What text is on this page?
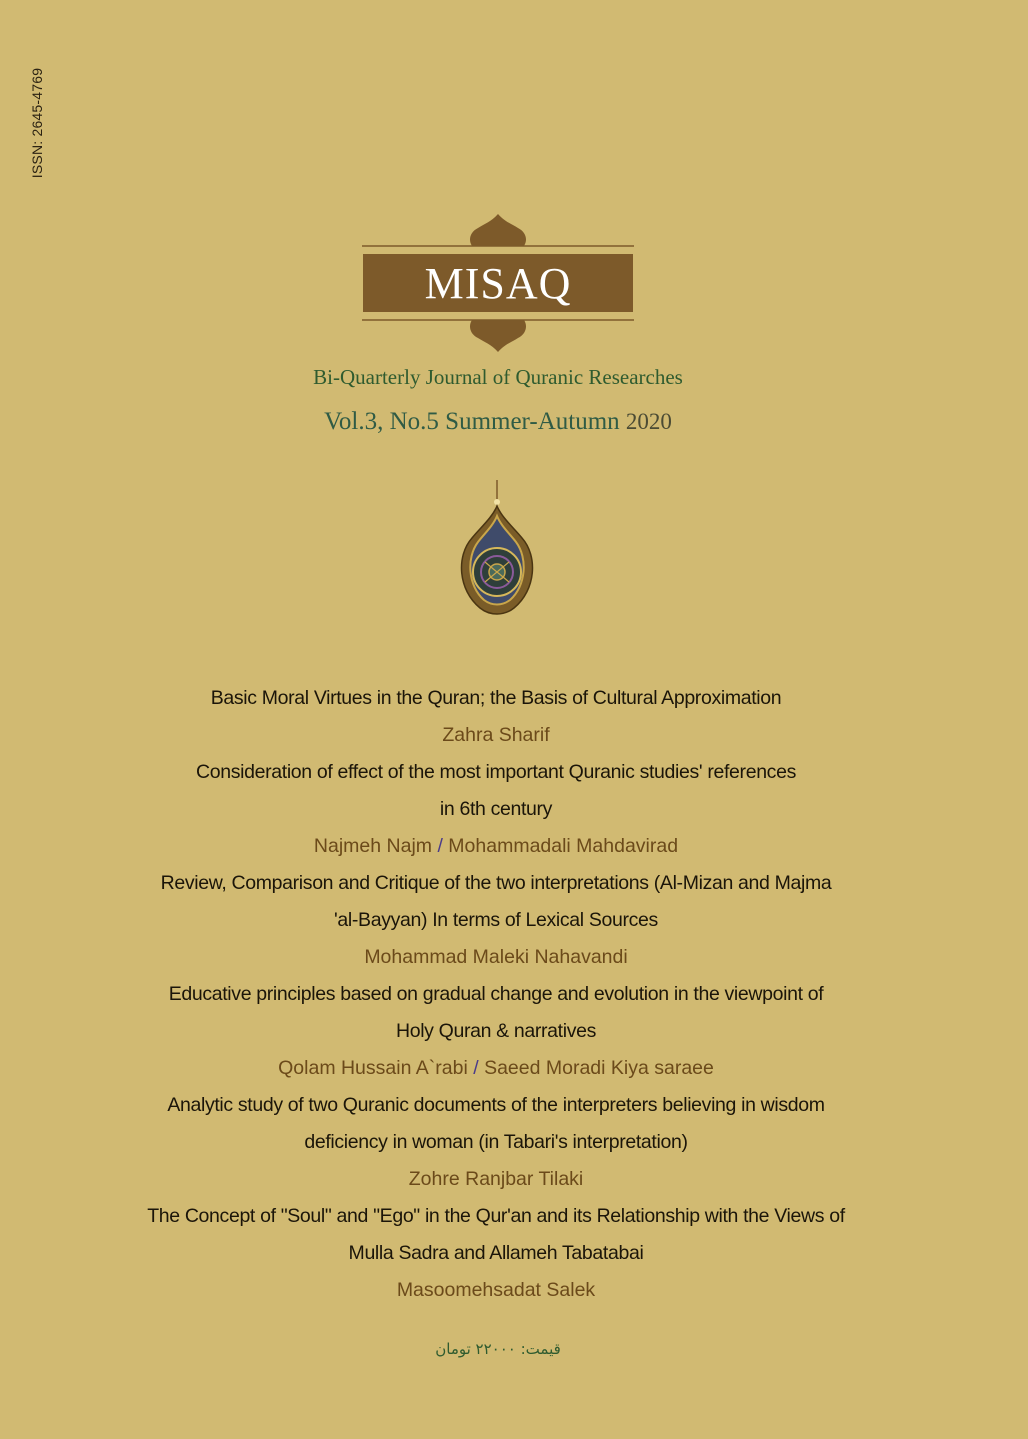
ISSN: 2645-4769
MISAQ
Bi-Quarterly Journal of Quranic Researches
Vol.3, No.5 Summer-Autumn 2020
Basic Moral Virtues in the Quran; the Basis of Cultural Approximation
Zahra Sharif
Consideration of effect of the most important Quranic studies' references
in 6th century
Najmeh Najm / Mohammadali Mahdavirad
Review, Comparison and Critique of the two interpretations (Al-Mizan and Majma
'al-Bayyan) In terms of Lexical Sources
Mohammad Maleki Nahavandi
Educative principles based on gradual change and evolution in the viewpoint of
Holy Quran & narratives
Qolam Hussain A`rabi / Saeed Moradi Kiya saraee
Analytic study of two Quranic documents of the interpreters believing in wisdom
deficiency in woman (in Tabari's interpretation)
Zohre Ranjbar Tilaki
The Concept of "Soul" and "Ego" in the Qur'an and its Relationship with the Views of
Mulla Sadra and Allameh Tabatabai
Masoomehsadat Salek
قیمت: ۲۲۰۰۰ تومان
